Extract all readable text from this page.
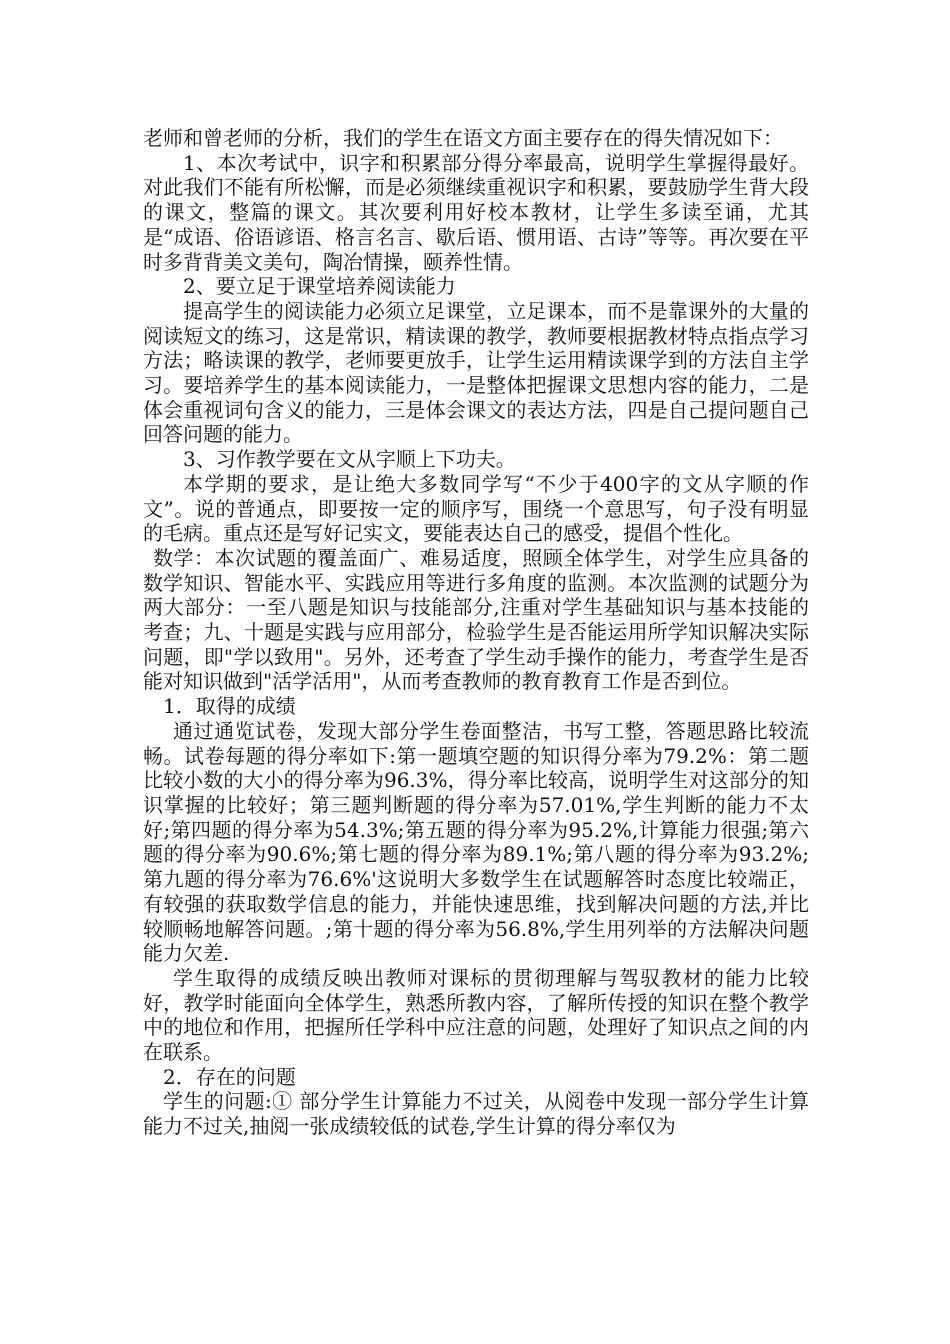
老师和曾老师的分析，我们的学生在语文方面主要存在的得失情况如下：

1、本次考试中，识字和积累部分得分率最高，说明学生掌握得最好。对此我们不能有所松懈，而是必须继续重视识字和积累，要鼓励学生背大段的课文，整篇的课文。其次要利用好校本教材，让学生多读至诵，尤其是“成语、俗语谚语、格言名言、歇后语、惯用语、古诗”等等。再次要在平时多背背美文美句，陶冶情操，颐养性情。

2、要立足于课堂培养阅读能力

提高学生的阅读能力必须立足课堂，立足课本，而不是靠课外的大量的阅读短文的练习，这是常识，精读课的教学，教师要根据教材特点指点学习方法；略读课的教学，老师要更放手，让学生运用精读课学到的方法自主学习。要培养学生的基本阅读能力，一是整体把握课文思想内容的能力，二是体会重视词句含义的能力，三是体会课文的表达方法，四是自己提问题自己回答问题的能力。

3、习作教学要在文从字顺上下功夫。

本学期的要求，是让绝大多数同学写“不少于400字的文从字顺的作文”。说的普通点，即要按一定的顺序写，围绕一个意思写，句子没有明显的毛病。重点还是写好记实文，要能表达自己的感受，提倡个性化。

数学：本次试题的覆盖面广、难易适度，照顾全体学生，对学生应具备的数学知识、智能水平、实践应用等进行多角度的监测。本次监测的试题分为两大部分：一至八题是知识与技能部分,注重对学生基础知识与基本技能的考查；九、十题是实践与应用部分，检验学生是否能运用所学知识解决实际问题，即"学以致用"。另外，还考查了学生动手操作的能力，考查学生是否能对知识做到"活学活用"，从而考查教师的教育教育工作是否到位。

1．取得的成绩

通过通览试卷，发现大部分学生卷面整洁，书写工整，答题思路比较流畅。试卷每题的得分率如下:第一题填空题的知识得分率为79.2%：第二题比较小数的大小的得分率为96.3%，得分率比较高，说明学生对这部分的知识掌握的比较好；第三题判断题的得分率为57.01%,学生判断的能力不太好;第四题的得分率为54.3%;第五题的得分率为95.2%,计算能力很强;第六题的得分率为90.6%;第七题的得分率为89.1%;第八题的得分率为93.2%;第九题的得分率为76.6%'这说明大多数学生在试题解答时态度比较端正，有较强的获取数学信息的能力，并能快速思维，找到解决问题的方法,并比较顺畅地解答问题。;第十题的得分率为56.8%,学生用列举的方法解决问题能力欠差.

学生取得的成绩反映出教师对课标的贯彻理解与驾驭教材的能力比较好，教学时能面向全体学生，熟悉所教内容，了解所传授的知识在整个教学中的地位和作用，把握所任学科中应注意的问题，处理好了知识点之间的内在联系。

2．存在的问题

学生的问题:① 部分学生计算能力不过关，从阅卷中发现一部分学生计算能力不过关,抽阅一张成绩较低的试卷,学生计算的得分率仅为
